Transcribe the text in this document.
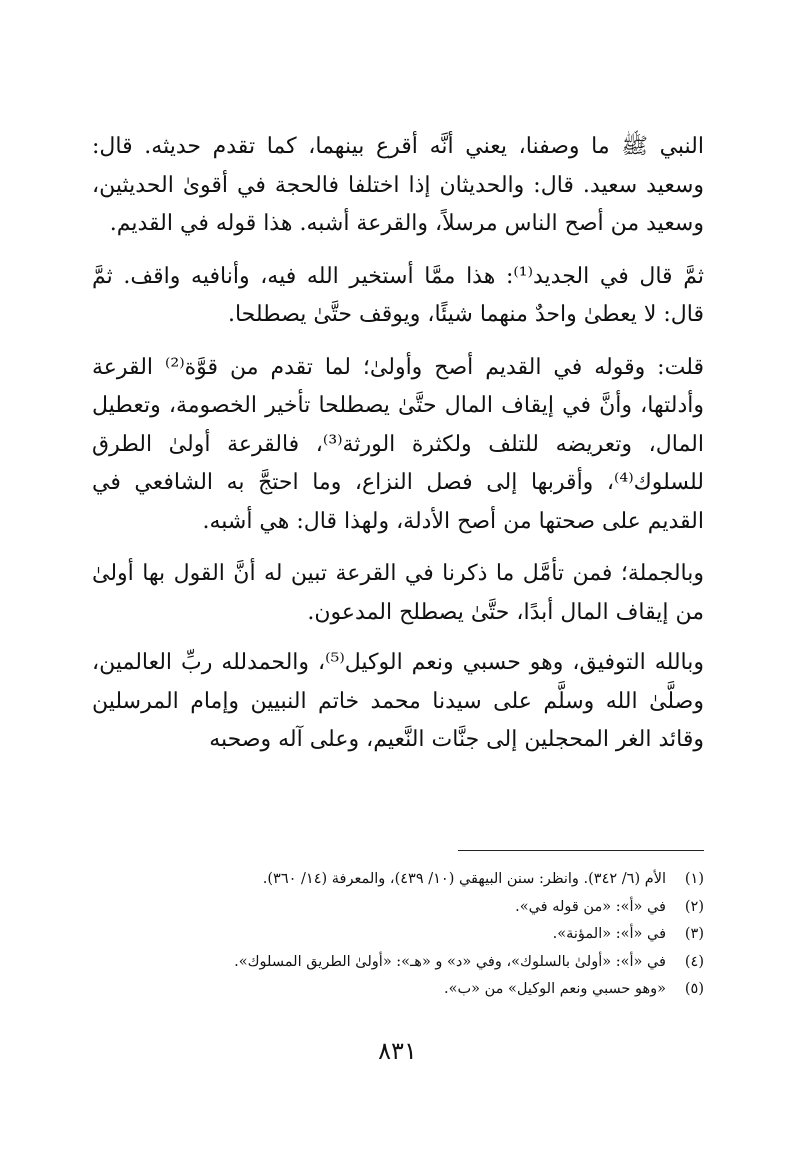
النبي ﷺ ما وصفنا، يعني أنَّه أقرع بينهما، كما تقدم حديثه. قال: وسعيد سعيد. قال: والحديثان إذا اختلفا فالحجة في أقوىٰ الحديثين، وسعيد من أصح الناس مرسلاً، والقرعة أشبه. هذا قوله في القديم.

ثمَّ قال في الجديد⁽¹⁾: هذا ممَّا أستخير الله فيه، وأنافيه واقف. ثمَّ قال: لا يعطىٰ واحدٌ منهما شيئًا، ويوقف حتَّىٰ يصطلحا.

قلت: وقوله في القديم أصح وأولىٰ؛ لما تقدم من قوَّة⁽²⁾ القرعة وأدلتها، وأنَّ في إيقاف المال حتَّىٰ يصطلحا تأخير الخصومة، وتعطيل المال، وتعريضه للتلف ولكثرة الورثة⁽³⁾، فالقرعة أولىٰ الطرق للسلوك⁽⁴⁾، وأقربها إلى فصل النزاع، وما احتجَّ به الشافعي في القديم على صحتها من أصح الأدلة، ولهذا قال: هي أشبه.

وبالجملة؛ فمن تأمَّل ما ذكرنا في القرعة تبين له أنَّ القول بها أولىٰ من إيقاف المال أبدًا، حتَّىٰ يصطلح المدعون.

وبالله التوفيق، وهو حسبي ونعم الوكيل⁽⁵⁾، والحمدلله ربِّ العالمين، وصلَّىٰ الله وسلَّم على سيدنا محمد خاتم النبيين وإمام المرسلين وقائد الغر المحجلين إلى جنَّات النَّعيم، وعلى آله وصحبه

(١)
الأم (٦/ ٣٤٢). وانظر: سنن البيهقي (١٠/ ٤٣٩)، والمعرفة (١٤/ ٣٦٠).
(٢)
في «أ»: «من قوله في».
(٣)
في «أ»: «المؤنة».
(٤)
في «أ»: «أولىٰ بالسلوك»، وفي «د» و «هـ»: «أولىٰ الطريق المسلوك».
(٥)
«وهو حسبي ونعم الوكيل» من «ب».
٨٣١
